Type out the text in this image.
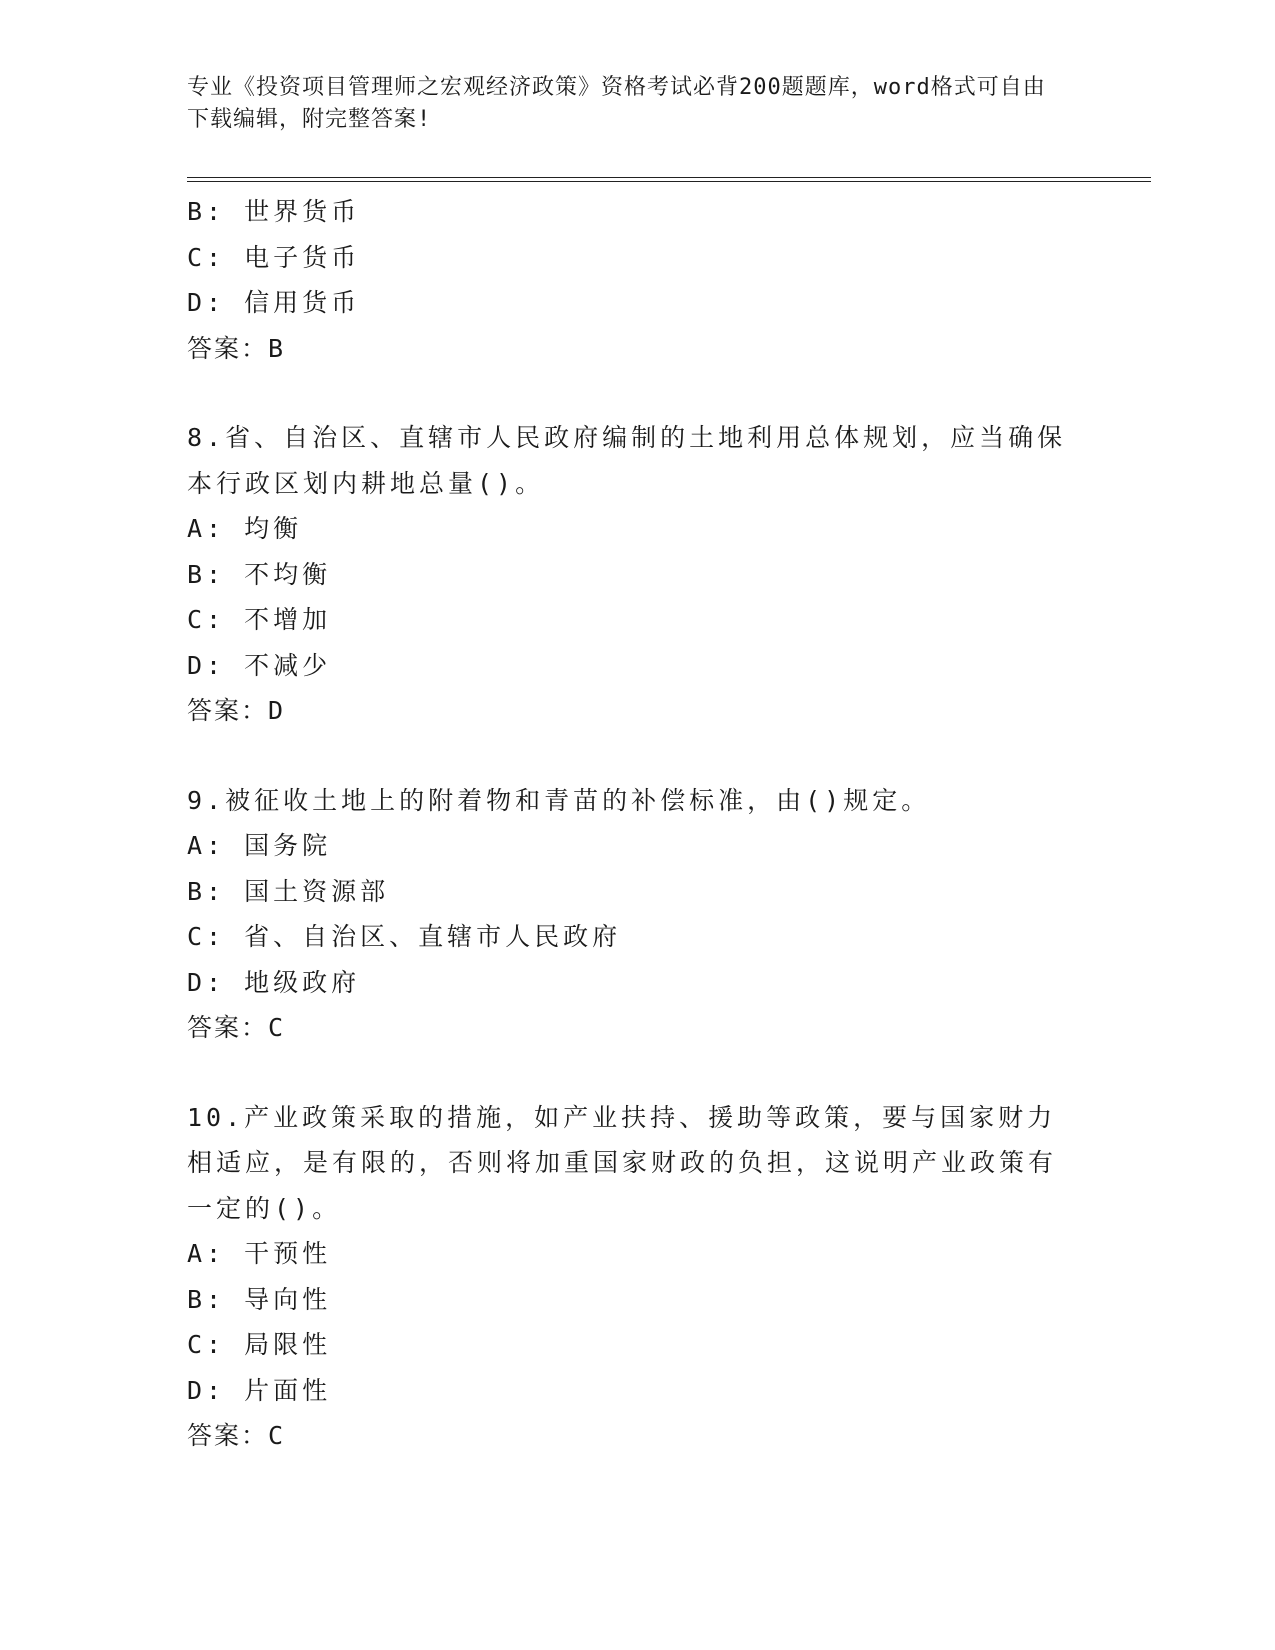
专业《投资项目管理师之宏观经济政策》资格考试必背200题题库，word格式可自由下载编辑，附完整答案!
B: 世界货币
C: 电子货币
D: 信用货币
答案：B
8.省、自治区、直辖市人民政府编制的土地利用总体规划，应当确保本行政区划内耕地总量()。
A: 均衡
B: 不均衡
C: 不增加
D: 不减少
答案：D
9.被征收土地上的附着物和青苗的补偿标准，由()规定。
A: 国务院
B: 国土资源部
C: 省、自治区、直辖市人民政府
D: 地级政府
答案：C
10.产业政策采取的措施，如产业扶持、援助等政策，要与国家财力相适应，是有限的，否则将加重国家财政的负担，这说明产业政策有一定的()。
A: 干预性
B: 导向性
C: 局限性
D: 片面性
答案：C
